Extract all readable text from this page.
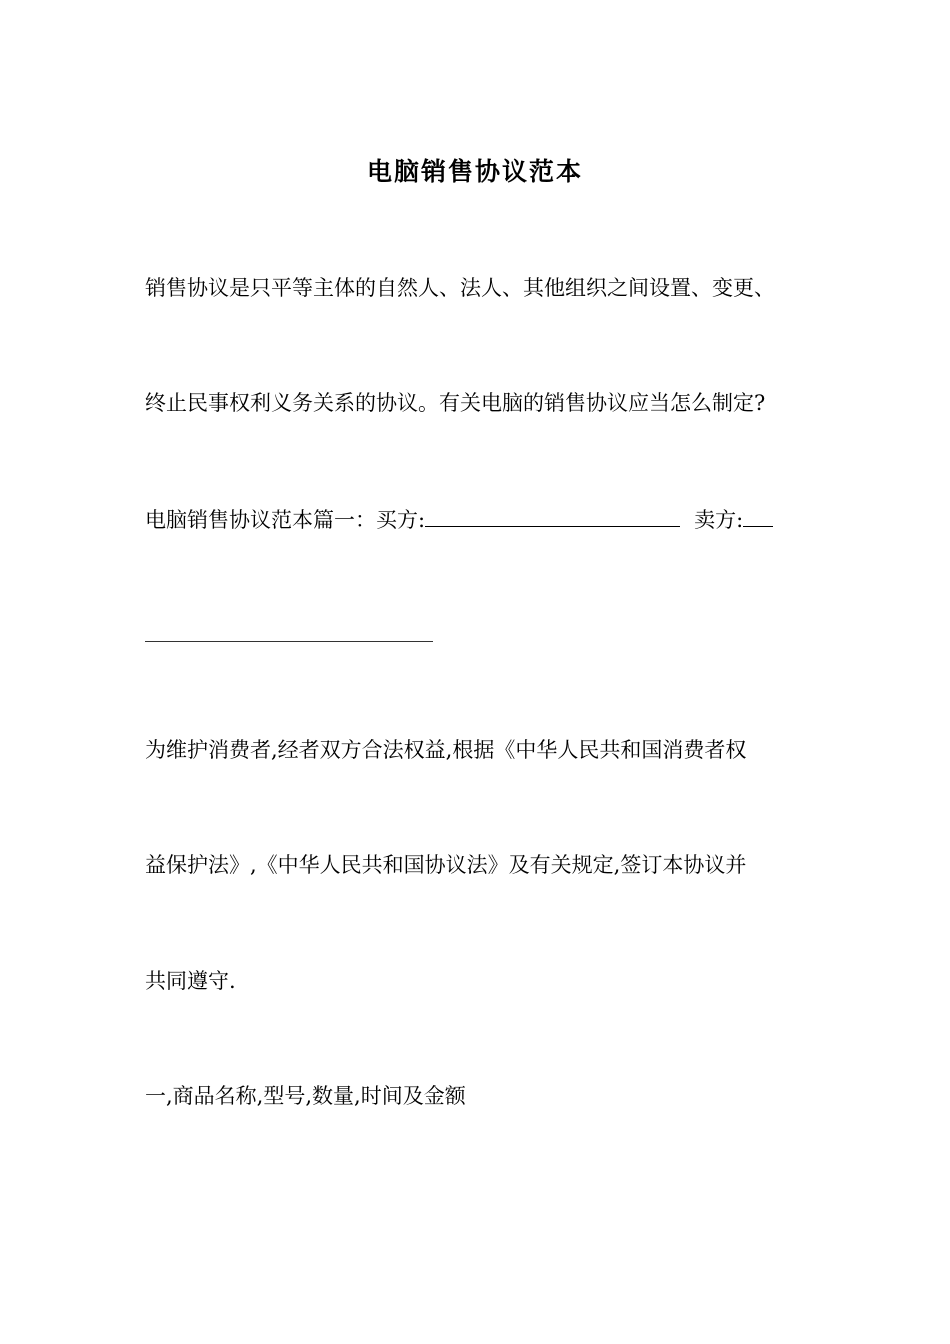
电脑销售协议范本
销售协议是只平等主体的自然人、法人、其他组织之间设置、变更、
终止民事权利义务关系的协议。有关电脑的销售协议应当怎么制定?
电脑销售协议范本篇一：买方:	卖方:
为维护消费者,经者双方合法权益,根据《中华人民共和国消费者权
益保护法》,《中华人民共和国协议法》及有关规定,签订本协议并
共同遵守.
一,商品名称,型号,数量,时间及金额
